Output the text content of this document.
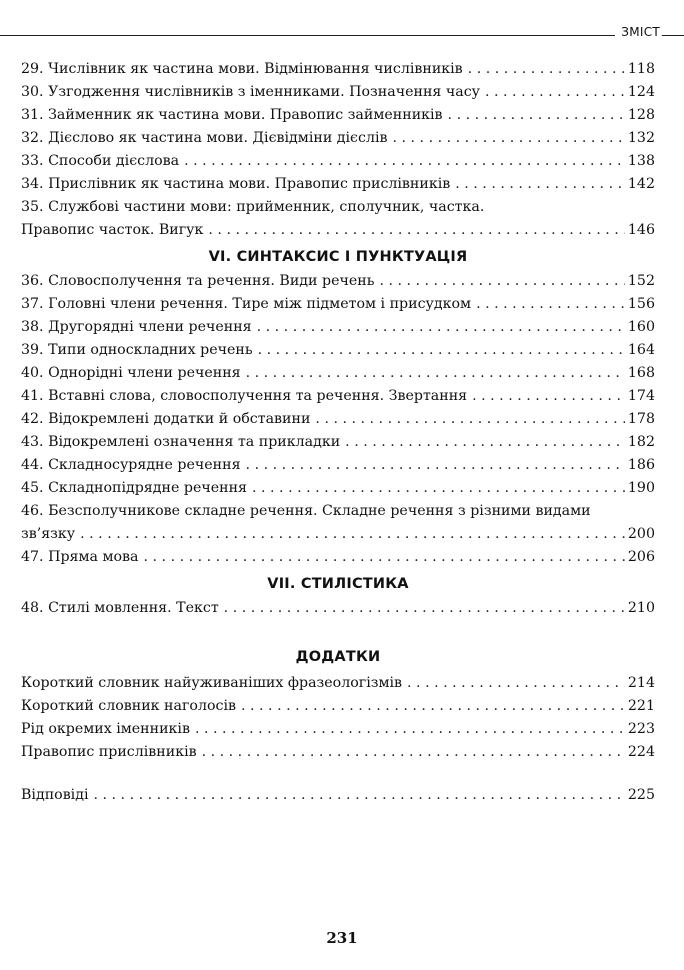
ЗМІСТ
29. Числівник як частина мови. Відмінювання числівників . . .	118
30. Узгодження числівників з іменниками. Позначення часу . . .	124
31. Займенник як частина мови. Правопис займенників . . .	128
32. Дієслово як частина мови. Дієвідміни дієслів . . .	132
33. Способи дієслова . . .	138
34. Прислівник як частина мови. Правопис прислівників . . .	142
35. Службові частини мови: прийменник, сполучник, частка.
Правопис часток. Вигук . . .	146
VI. СИНТАКСИС І ПУНКТУАЦІЯ
36. Словосполучення та речення. Види речень . . .	152
37. Головні члени речення. Тире між підметом і присудком . . .	156
38. Другорядні члени речення . . .	160
39. Типи односкладних речень . . .	164
40. Однорідні члени речення . . .	168
41. Вставні слова, словосполучення та речення. Звертання . . .	174
42. Відокремлені додатки й обставини . . .	178
43. Відокремлені означення та прикладки . . .	182
44. Складносурядне речення . . .	186
45. Складнопідрядне речення . . .	190
46. Безсполучникове складне речення. Складне речення з різними видами
зв’язку . . .	200
47. Пряма мова . . .	206
VII. СТИЛІСТИКА
48. Стилі мовлення. Текст . . .	210
ДОДАТКИ
Короткий словник найуживаніших фразеологізмів . . .	214
Короткий словник наголосів . . .	221
Рід окремих іменників . . .	223
Правопис прислівників . . .	224
Відповіді . . .	225
231
